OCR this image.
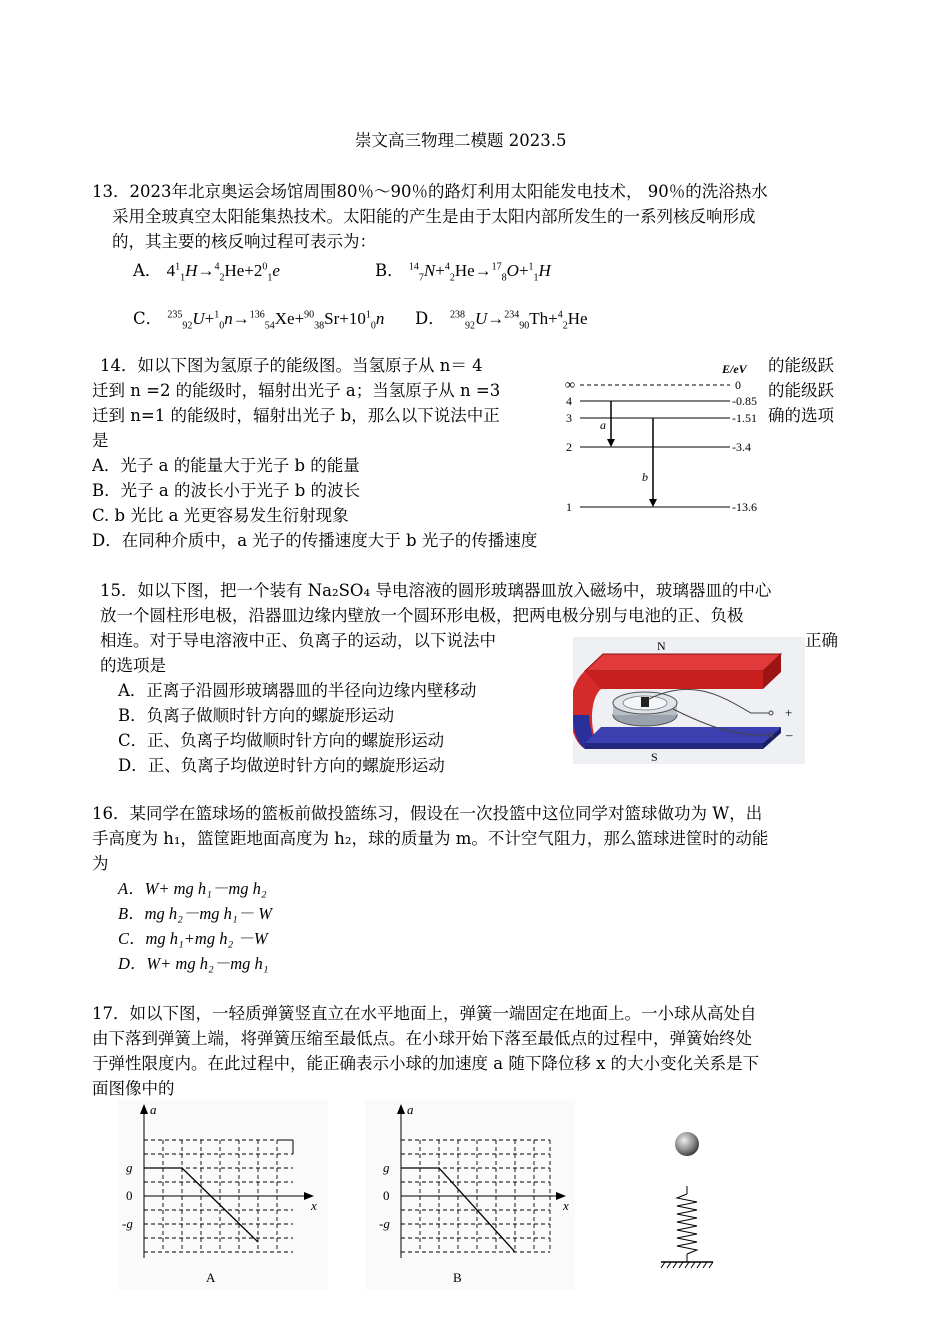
崇文高三物理二模题 2023.5
13．2023年北京奥运会场馆周围80％～90％的路灯利用太阳能发电技术， 90％的洗浴热水
采用全玻真空太阳能集热技术。太阳能的产生是由于太阳内部所发生的一系列核反响形成
的，其主要的核反响过程可表示为：
A． $4^1_1H\to^4_2He+2^0_1e$	B． $^{14}_7$N+$^4_2$He→$^{17}_8$O+$^1_1$H
C． $^{235}_{92}U+^1_0n\to^{136}_{54}Xe+^{90}_{38}Sr+10^1_0n$ D． $^{238}_{92}$U→$^{234}_{90}$Th+$^4_2$He
14．如以下图为氢原子的能级图。当氢原子从 n＝ 4
迁到 n =2 的能级时，辐射出光子 a；当氢原子从 n =3
迁到 n=1 的能级时，辐射出光子 b，那么以下说法中正
是
的能级跃
的能级跃
确的选项
A．光子 a 的能量大于光子 b 的能量
B．光子 a 的波长小于光子 b 的波长
C. b 光比 a 光更容易发生衍射现象
D．在同种介质中，a 光子的传播速度大于 b 光子的传播速度
E/eV
∞	0
4	-0.85
3	-1.51
2	-3.4
1	-13.6
a
b
15．如以下图，把一个装有 Na₂SO₄ 导电溶液的圆形玻璃器皿放入磁场中，玻璃器皿的中心
放一个圆柱形电极，沿器皿边缘内壁放一个圆环形电极，把两电极分别与电池的正、负极
相连。对于导电溶液中正、负离子的运动，以下说法中	正确
的选项是
A．正离子沿圆形玻璃器皿的半径向边缘内壁移动
B．负离子做顺时针方向的螺旋形运动
C．正、负离子均做顺时针方向的螺旋形运动
D．正、负离子均做逆时针方向的螺旋形运动
N
S
+
–
16．某同学在篮球场的篮板前做投篮练习，假设在一次投篮中这位同学对篮球做功为 W，出
手高度为 h₁，篮筐距地面高度为 h₂，球的质量为 m。不计空气阻力，那么篮球进筐时的动能
为
A．W+ mg h₁－mg h₂
B．mg h₂－mg h₁－ W
C．mg h₁+mg h₂ －W
D．W+ mg h₂－mg h₁
17．如以下图，一轻质弹簧竖直立在水平地面上，弹簧一端固定在地面上。一小球从高处自
由下落到弹簧上端，将弹簧压缩至最低点。在小球开始下落至最低点的过程中，弹簧始终处
于弹性限度内。在此过程中，能正确表示小球的加速度 a 随下降位移 x 的大小变化关系是下
面图像中的
a
x
g
0
-g
A
a
x
g
0
-g
B
